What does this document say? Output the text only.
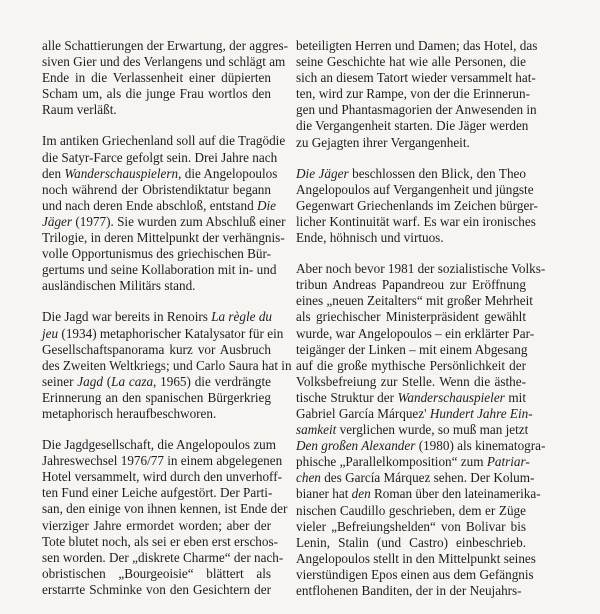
alle Schattierungen der Erwartung, der aggres-
siven Gier und des Verlangens und schlägt am
Ende in die Verlassenheit einer düpierten
Scham um, als die junge Frau wortlos den
Raum verläßt.
Im antiken Griechenland soll auf die Tragödie
die Satyr-Farce gefolgt sein. Drei Jahre nach
den Wanderschauspielern, die Angelopoulos
noch während der Obristendiktatur begann
und nach deren Ende abschloß, entstand Die
Jäger (1977). Sie wurden zum Abschluß einer
Trilogie, in deren Mittelpunkt der verhängnis-
volle Opportunismus des griechischen Bür-
gertums und seine Kollaboration mit in- und
ausländischen Militärs stand.
Die Jagd war bereits in Renoirs La règle du
jeu (1934) metaphorischer Katalysator für ein
Gesellschaftspanorama kurz vor Ausbruch
des Zweiten Weltkriegs; und Carlo Saura hat in
seiner Jagd (La caza, 1965) die verdrängte
Erinnerung an den spanischen Bürgerkrieg
metaphorisch heraufbeschworen.
Die Jagdgesellschaft, die Angelopoulos zum
Jahreswechsel 1976/77 in einem abgelegenen
Hotel versammelt, wird durch den unverhoff-
ten Fund einer Leiche aufgestört. Der Parti-
san, den einige von ihnen kennen, ist Ende der
vierziger Jahre ermordet worden; aber der
Tote blutet noch, als sei er eben erst erschos-
sen worden. Der „diskrete Charme“ der nach-
obristischen „Bourgeoisie“ blättert als
erstarrte Schminke von den Gesichtern der
beteiligten Herren und Damen; das Hotel, das
seine Geschichte hat wie alle Personen, die
sich an diesem Tatort wieder versammelt hat-
ten, wird zur Rampe, von der die Erinnerun-
gen und Phantasmagorien der Anwesenden in
die Vergangenheit starten. Die Jäger werden
zu Gejagten ihrer Vergangenheit.
Die Jäger beschlossen den Blick, den Theo
Angelopoulos auf Vergangenheit und jüngste
Gegenwart Griechenlands im Zeichen bürger-
licher Kontinuität warf. Es war ein ironisches
Ende, höhnisch und virtuos.
Aber noch bevor 1981 der sozialistische Volks-
tribun Andreas Papandreou zur Eröffnung
eines „neuen Zeitalters“ mit großer Mehrheit
als griechischer Ministerpräsident gewählt
wurde, war Angelopoulos – ein erklärter Par-
teigänger der Linken – mit einem Abgesang
auf die große mythische Persönlichkeit der
Volksbefreiung zur Stelle. Wenn die ästhe-
tische Struktur der Wanderschauspieler mit
Gabriel García Márquez' Hundert Jahre Ein-
samkeit verglichen wurde, so muß man jetzt
Den großen Alexander (1980) als kinematogra-
phische „Parallelkomposition“ zum Patriar-
chen des García Márquez sehen. Der Kolum-
bianer hat den Roman über den lateinamerika-
nischen Caudillo geschrieben, dem er Züge
vieler „Befreiungshelden“ von Bolivar bis
Lenin, Stalin (und Castro) einbeschrieb.
Angelopoulos stellt in den Mittelpunkt seines
vierstündigen Epos einen aus dem Gefängnis
entflohenen Banditen, der in der Neujahrs-
